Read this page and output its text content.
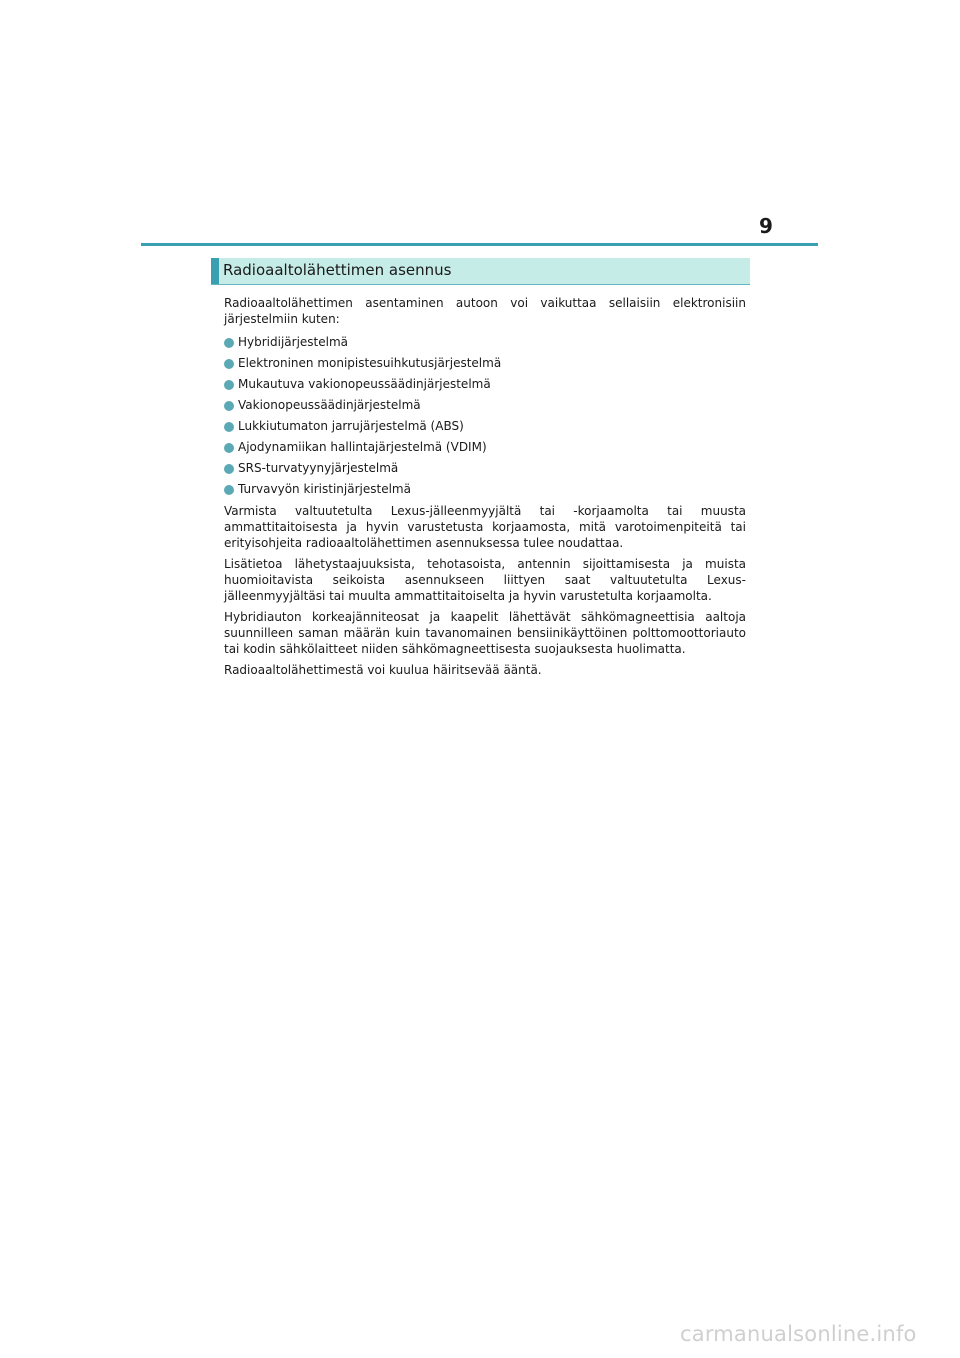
9
Radioaaltolähettimen asennus

Radioaaltolähettimen asentaminen autoon voi vaikuttaa sellaisiin elektronisiin järjestelmiin kuten:

Hybridijärjestelmä
Elektroninen monipistesuihkutusjärjestelmä
Mukautuva vakionopeussäädinjärjestelmä
Vakionopeussäädinjärjestelmä
Lukkiutumaton jarrujärjestelmä (ABS)
Ajodynamiikan hallintajärjestelmä (VDIM)
SRS-turvatyynyjärjestelmä
Turvavyön kiristinjärjestelmä

Varmista valtuutetulta Lexus-jälleenmyyjältä tai -korjaamolta tai muusta ammattitaitoisesta ja hyvin varustetusta korjaamosta, mitä varotoimenpiteitä tai erityisohjeita radioaaltolähettimen asennuksessa tulee noudattaa.

Lisätietoa lähetystaajuuksista, tehotasoista, antennin sijoittamisesta ja muista huomioitavista seikoista asennukseen liittyen saat valtuutetulta Lexus-jälleenmyyjältäsi tai muulta ammattitaitoiselta ja hyvin varustetulta korjaamolta.

Hybridiauton korkeajänniteosat ja kaapelit lähettävät sähkömagneettisia aaltoja suunnilleen saman määrän kuin tavanomainen bensiinikäyttöinen polttomoottoriauto tai kodin sähkölaitteet niiden sähkömagneettisesta suojauksesta huolimatta.

Radioaaltolähettimestä voi kuulua häiritsevää ääntä.

carmanualsonline.info
